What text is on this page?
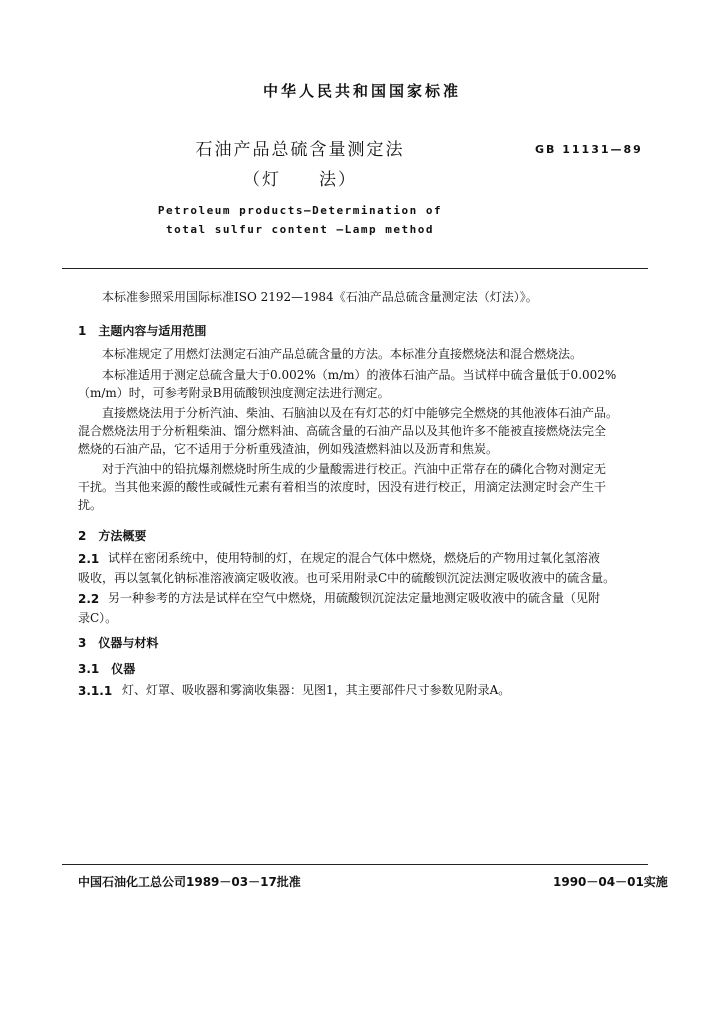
中华人民共和国国家标准
GB 11131—89
石油产品总硫含量测定法
（灯　　法）
Petroleum products—Determination of
total sulfur content —Lamp method
本标准参照采用国际标准ISO 2192—1984《石油产品总硫含量测定法（灯法）》。
1　主题内容与适用范围
本标准规定了用燃灯法测定石油产品总硫含量的方法。本标准分直接燃烧法和混合燃烧法。
本标准适用于测定总硫含量大于0.002%（m/m）的液体石油产品。当试样中硫含量低于0.002%
（m/m）时，可参考附录B用硫酸钡浊度测定法进行测定。
直接燃烧法用于分析汽油、柴油、石脑油以及在有灯芯的灯中能够完全燃烧的其他液体石油产品。
混合燃烧法用于分析粗柴油、馏分燃料油、高硫含量的石油产品以及其他许多不能被直接燃烧法完全
燃烧的石油产品，它不适用于分析重残渣油，例如残渣燃料油以及沥青和焦炭。
对于汽油中的铅抗爆剂燃烧时所生成的少量酸需进行校正。汽油中正常存在的磷化合物对测定无
干扰。当其他来源的酸性或碱性元素有着相当的浓度时，因没有进行校正，用滴定法测定时会产生干
扰。
2　方法概要
2.1 试样在密闭系统中，使用特制的灯，在规定的混合气体中燃烧，燃烧后的产物用过氧化氢溶液
吸收，再以氢氧化钠标准溶液滴定吸收液。也可采用附录C中的硫酸钡沉淀法测定吸收液中的硫含量。
2.2 另一种参考的方法是试样在空气中燃烧，用硫酸钡沉淀法定量地测定吸收液中的硫含量（见附
录C）。
3　仪器与材料
3.1　仪器
3.1.1 灯、灯罩、吸收器和雾滴收集器：见图1，其主要部件尺寸参数见附录A。
中国石油化工总公司1989－03－17批准	1990－04－01实施
